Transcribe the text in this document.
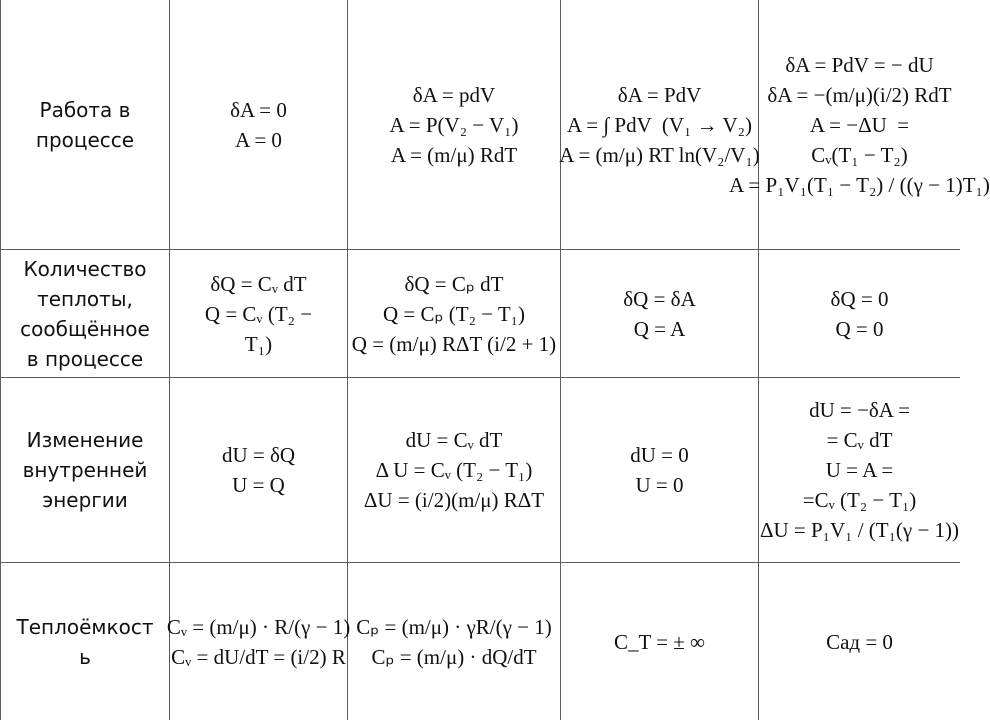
Работа в
процессе
δA = 0
A = 0
δA = pdV
A = P(V₂ − V₁)
A = (m/μ) RdT
δA = PdV
A = ∫ PdV  (V₁ → V₂)
A = (m/μ) RT ln(V₂/V₁)
δA = PdV = − dU
δA = −(m/μ)(i/2) RdT
A = −ΔU  =
Cᵥ(T₁ − T₂)
A = P₁V₁(T₁ − T₂) / ((γ − 1)T₁)
Количество
теплоты,
сообщённое
в процессе
δQ = Cᵥ dT
Q = Cᵥ (T₂ −
T₁)
δQ = Cₚ dT
Q = Cₚ (T₂ − T₁)
Q = (m/μ) RΔT (i/2 + 1)
δQ = δA
Q = A
δQ = 0
Q = 0
Изменение
внутренней
энергии
dU = δQ
U = Q
dU = Cᵥ dT
Δ U = Cᵥ (T₂ − T₁)
ΔU = (i/2)(m/μ) RΔT
dU = 0
U = 0
dU = −δA =
= Cᵥ dT
U = A =
=Cᵥ (T₂ − T₁)
ΔU = P₁V₁ / (T₁(γ − 1))
Теплоёмкост
ь
Cᵥ = (m/μ) · R/(γ − 1)
Cᵥ = dU/dT = (i/2) R
Cₚ = (m/μ) · γR/(γ − 1)
Cₚ = (m/μ) · dQ/dT
C_T = ± ∞	Cад = 0
